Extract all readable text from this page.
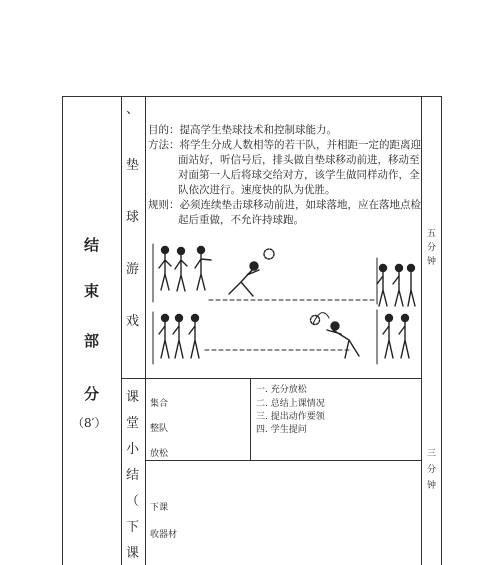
结
束
部
分
（8′）
、
垫
球
游
戏
目的：提高学生垫球技术和控制球能力。
方法：将学生分成人数相等的若干队，并相距一定的距离迎
面站好，听信号后，排头做自垫球移动前进，移动至
对面第一人后将球交给对方，该学生做同样动作，全
队依次进行。速度快的队为优胜。
规则：必须连续垫击球移动前进，如球落地，应在落地点检
起后重做，不允许持球跑。
五
分
钟
课
堂
小
结
（
下
课
集合
整队
放松
一. 充分放松
二. 总结上课情况
三. 提出动作要领
四. 学生提问
下课
收器材
三
分
钟
